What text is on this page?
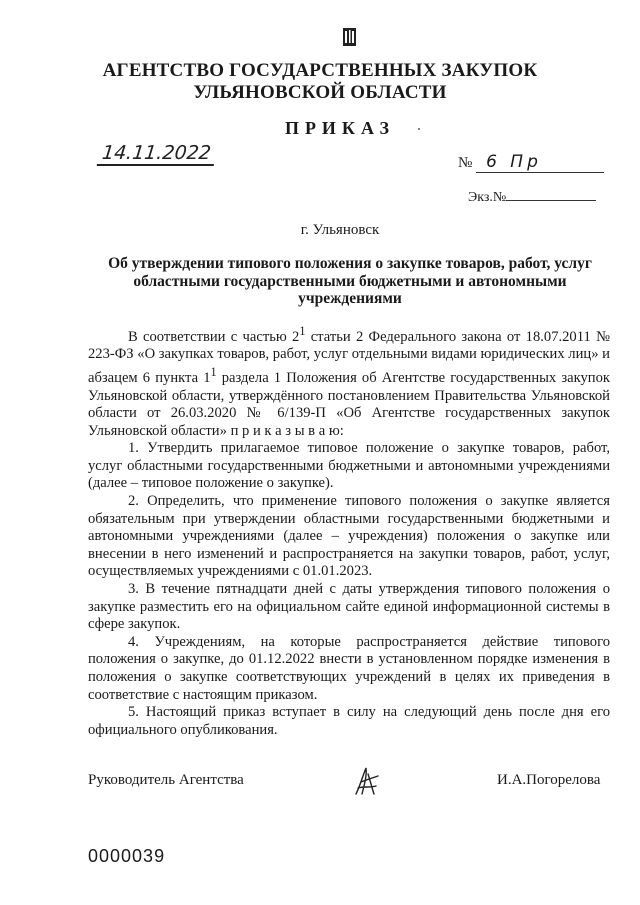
АГЕНТСТВО ГОСУДАРСТВЕННЫХ ЗАКУПОК
УЛЬЯНОВСКОЙ ОБЛАСТИ
ПРИКАЗ
14.11.2022	№ 6 Пр
Экз.№
г. Ульяновск
Об утверждении типового положения о закупке товаров, работ, услуг
областными государственными бюджетными и автономными
учреждениями

В соответствии с частью $2^1$ статьи 2 Федерального закона от 18.07.2011 № 223-ФЗ «О закупках товаров, работ, услуг отдельными видами юридических лиц» и абзацем 6 пункта $1^1$ раздела 1 Положения об Агентстве государственных закупок Ульяновской области, утверждённого постановлением Правительства Ульяновской области от 26.03.2020 № 6/139-П «Об Агентстве государственных закупок Ульяновской области» п р и к а з ы в а ю:

1. Утвердить прилагаемое типовое положение о закупке товаров, работ, услуг областными государственными бюджетными и автономными учреждениями (далее – типовое положение о закупке).

2. Определить, что применение типового положения о закупке является обязательным при утверждении областными государственными бюджетными и автономными учреждениями (далее – учреждения) положения о закупке или внесении в него изменений и распространяется на закупки товаров, работ, услуг, осуществляемых учреждениями с 01.01.2023.

3. В течение пятнадцати дней с даты утверждения типового положения о закупке разместить его на официальном сайте единой информационной системы в сфере закупок.

4. Учреждениям, на которые распространяется действие типового положения о закупке, до 01.12.2022 внести в установленном порядке изменения в положения о закупке соответствующих учреждений в целях их приведения в соответствие с настоящим приказом.

5. Настоящий приказ вступает в силу на следующий день после дня его официального опубликования.

Руководитель Агентства	И.А.Погорелова
0000039
